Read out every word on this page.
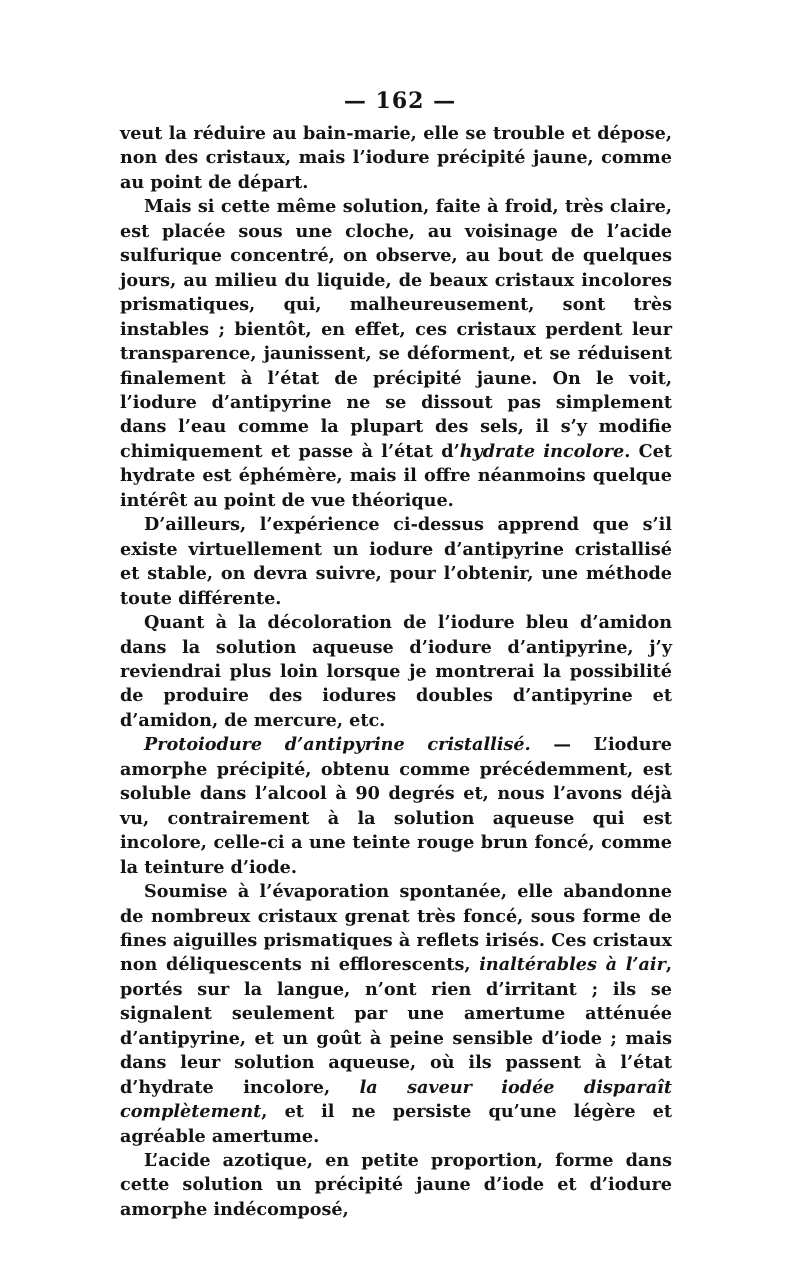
— 162 —

veut la réduire au bain-marie, elle se trouble et dépose, non des cristaux, mais l’iodure précipité jaune, comme au point de départ.

Mais si cette même solution, faite à froid, très claire, est placée sous une cloche, au voisinage de l’acide sulfurique concentré, on observe, au bout de quelques jours, au milieu du liquide, de beaux cristaux incolores prismatiques, qui, malheureusement, sont très instables ; bientôt, en effet, ces cristaux perdent leur transparence, jaunissent, se déforment, et se réduisent finalement à l’état de précipité jaune. On le voit, l’iodure d’antipyrine ne se dissout pas simplement dans l’eau comme la plupart des sels, il s’y modifie chimiquement et passe à l’état d’hydrate incolore. Cet hydrate est éphémère, mais il offre néanmoins quelque intérêt au point de vue théorique.

D’ailleurs, l’expérience ci-dessus apprend que s’il existe virtuellement un iodure d’antipyrine cristallisé et stable, on devra suivre, pour l’obtenir, une méthode toute différente.

Quant à la décoloration de l’iodure bleu d’amidon dans la solution aqueuse d’iodure d’antipyrine, j’y reviendrai plus loin lorsque je montrerai la possibilité de produire des iodures doubles d’antipyrine et d’amidon, de mercure, etc.

Protoiodure d’antipyrine cristallisé. — L’iodure amorphe précipité, obtenu comme précédemment, est soluble dans l’alcool à 90 degrés et, nous l’avons déjà vu, contrairement à la solution aqueuse qui est incolore, celle-ci a une teinte rouge brun foncé, comme la teinture d’iode.

Soumise à l’évaporation spontanée, elle abandonne de nombreux cristaux grenat très foncé, sous forme de fines aiguilles prismatiques à reflets irisés. Ces cristaux non déliquescents ni efflorescents, inaltérables à l’air, portés sur la langue, n’ont rien d’irritant ; ils se signalent seulement par une amertume atténuée d’antipyrine, et un goût à peine sensible d’iode ; mais dans leur solution aqueuse, où ils passent à l’état d’hydrate incolore, la saveur iodée disparaît complètement, et il ne persiste qu’une légère et agréable amertume.

L’acide azotique, en petite proportion, forme dans cette solution un précipité jaune d’iode et d’iodure amorphe indécomposé,
